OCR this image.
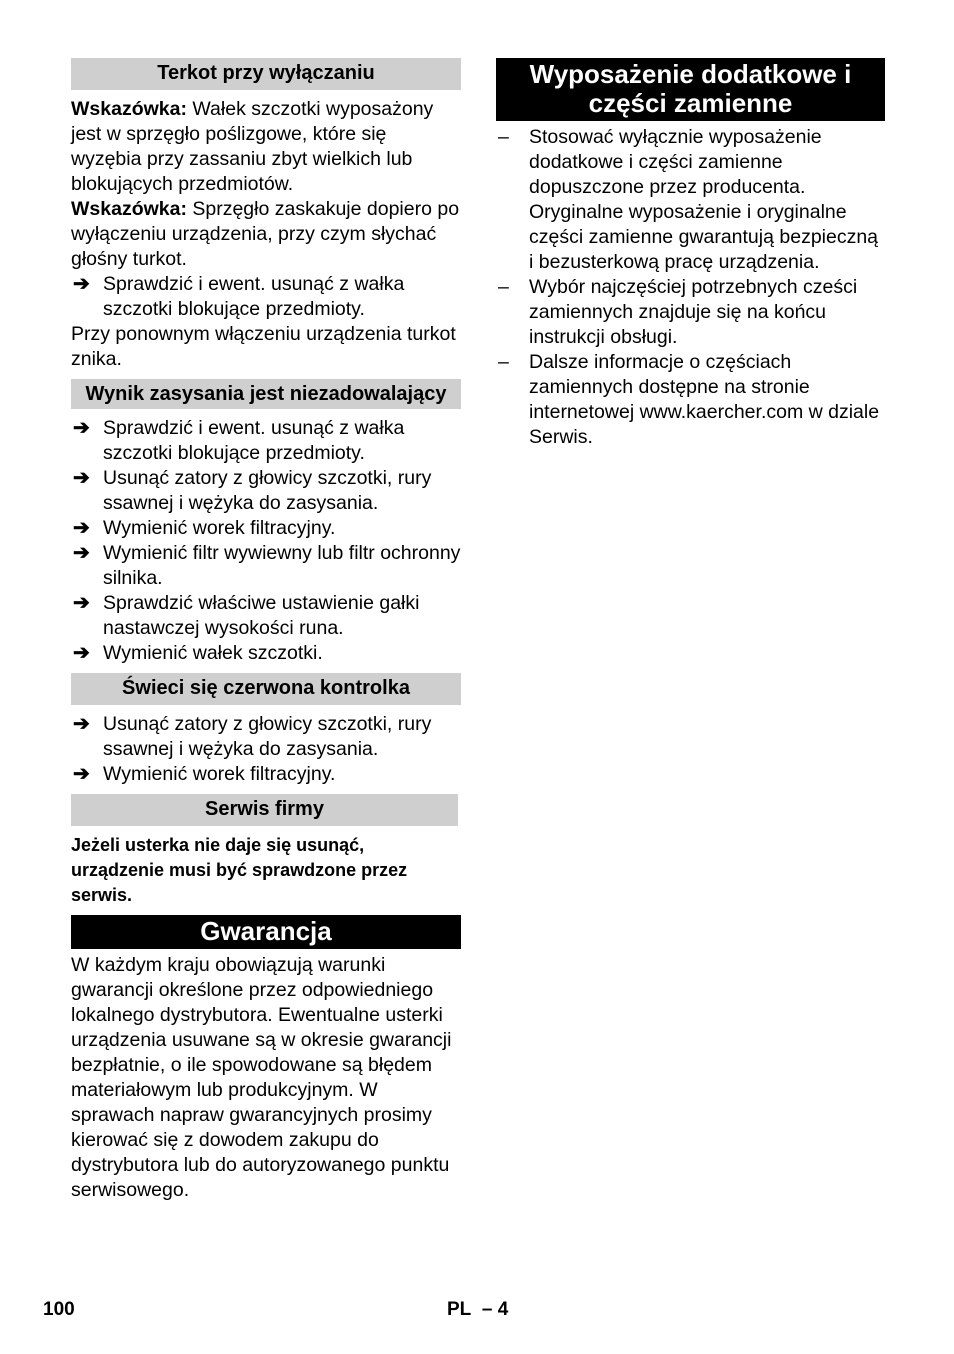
Terkot przy wyłączaniu

Wskazówka: Wałek szczotki wyposażony jest w sprzęgło poślizgowe, które się wyzębia przy zassaniu zbyt wielkich lub blokujących przedmiotów.

Wskazówka: Sprzęgło zaskakuje dopiero po wyłączeniu urządzenia, przy czym słychać głośny turkot.

➔ Sprawdzić i ewent. usunąć z wałka szczotki blokujące przedmioty.

Przy ponownym włączeniu urządzenia turkot znika.

Wynik zasysania jest niezadowalający
➔ Sprawdzić i ewent. usunąć z wałka szczotki blokujące przedmioty.
➔ Usunąć zatory z głowicy szczotki, rury ssawnej i wężyka do zasysania.
➔ Wymienić worek filtracyjny.
➔ Wymienić filtr wywiewny lub filtr ochronny silnika.
➔ Sprawdzić właściwe ustawienie gałki nastawczej wysokości runa.
➔ Wymienić wałek szczotki.
Świeci się czerwona kontrolka
➔ Usunąć zatory z głowicy szczotki, rury ssawnej i wężyka do zasysania.
➔ Wymienić worek filtracyjny.
Serwis firmy

Jeżeli usterka nie daje się usunąć, urządzenie musi być sprawdzone przez serwis.

Gwarancja

W każdym kraju obowiązują warunki gwarancji określone przez odpowiedniego lokalnego dystrybutora. Ewentualne usterki urządzenia usuwane są w okresie gwarancji bezpłatnie, o ile spowodowane są błędem materiałowym lub produkcyjnym. W sprawach napraw gwarancyjnych prosimy kierować się z dowodem zakupu do dystrybutora lub do autoryzowanego punktu serwisowego.

Wyposażenie dodatkowe i części zamienne
– Stosować wyłącznie wyposażenie dodatkowe i części zamienne dopuszczone przez producenta. Oryginalne wyposażenie i oryginalne części zamienne gwarantują bezpieczną i bezusterkową pracę urządzenia.
– Wybór najczęściej potrzebnych cześci zamiennych znajduje się na końcu instrukcji obsługi.
– Dalsze informacje o częściach zamiennych dostępne na stronie internetowej www.kaercher.com w dziale Serwis.
100	PL – 4
